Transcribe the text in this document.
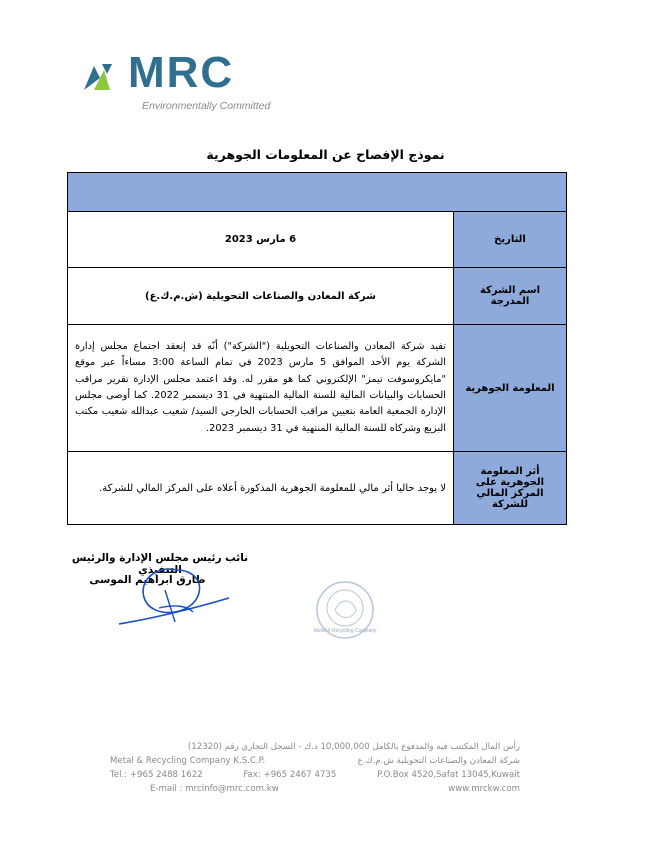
MRC
Environmentally Committed
نموذج الإفصاح عن المعلومات الجوهرية

التاريخ	6 مارس 2023
اسم الشركة المدرجة	شركة المعادن والصناعات التحويلية (ش.م.ك.ع)
المعلومة الجوهرية	تفيد شركة المعادن والصناعات التحويلية ("الشركة") أنّه قد إنعقد اجتماع مجلس إدارة الشركة يوم الأحد الموافق 5 مارس 2023 في تمام الساعة 3:00 مساءاً عبر موقع "مايكروسوفت تيمز" الإلكتروني كما هو مقرر له. وقد اعتمد مجلس الإدارة تقرير مراقب الحسابات والبيانات المالية للسنة المالية المنتهية في 31 ديسمبر 2022. كما أوصى مجلس الإدارة الجمعية العامة بتعيين مراقب الحسابات الخارجي السيد/ شعيب عبدالله شعيب مكتب البزيع وشركاه للسنة المالية المنتهية في 31 ديسمبر 2023.
أثر المعلومة الجوهرية على المركز المالي للشركة	لا يوجد حاليا أثر مالي للمعلومة الجوهرية المذكورة أعلاه على المركز المالي للشركة.
نائب رئيس مجلس الإدارة والرئيس التنفيذي
طارق ابراهيم الموسى
Metal & Recycling Company
رأس المال المكتتب فيه والمدفوع بالكامل 10,000,000 د.ك - السجل التجاري رقم (12320)
Metal & Recycling Company K.S.C.P.	شركة المعادن والصناعات التحويلية ش.م.ك.ع
Tel.: +965 2488 1622	Fax: +965 2467 4735	P.O.Box 4520,Safat 13045,Kuwait
E-mail : mrcinfo@mrc.com.kw	www.mrckw.com
